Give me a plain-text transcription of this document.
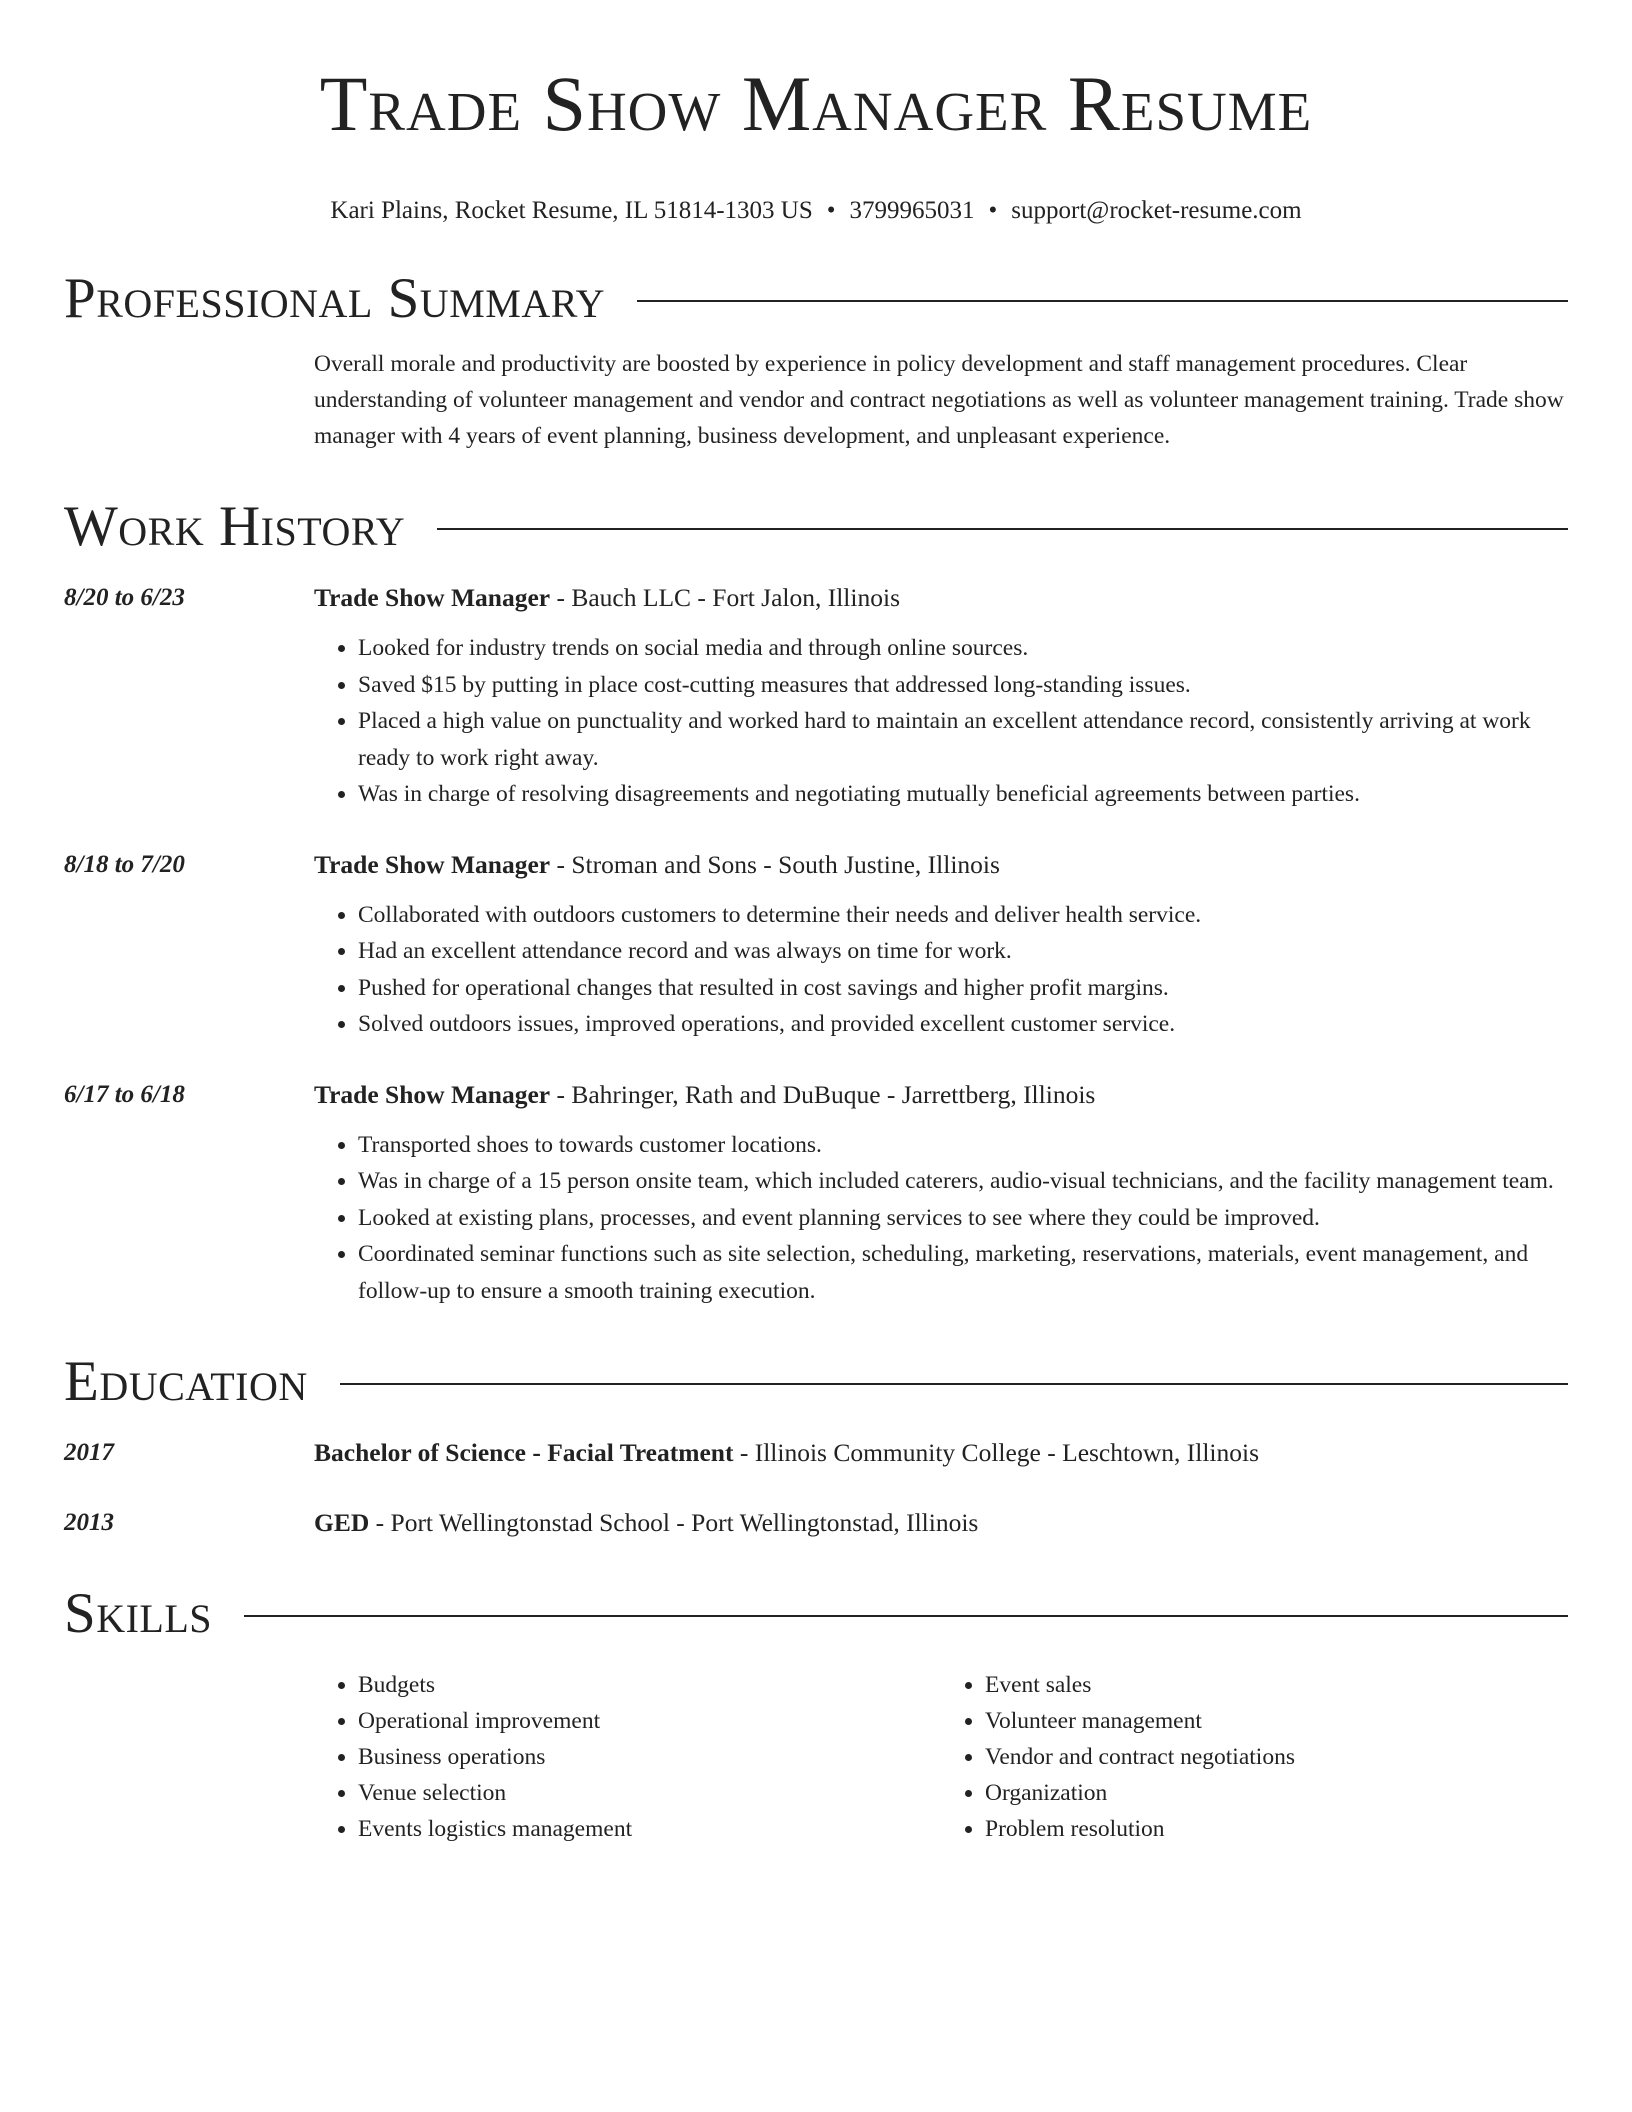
Trade Show Manager Resume
Kari Plains, Rocket Resume, IL 51814-1303 US • 3799965031 • support@rocket-resume.com
Professional Summary
Overall morale and productivity are boosted by experience in policy development and staff management procedures. Clear understanding of volunteer management and vendor and contract negotiations as well as volunteer management training. Trade show manager with 4 years of event planning, business development, and unpleasant experience.
Work History
8/20 to 6/23	Trade Show Manager - Bauch LLC - Fort Jalon, Illinois
• Looked for industry trends on social media and through online sources.
• Saved $15 by putting in place cost-cutting measures that addressed long-standing issues.
• Placed a high value on punctuality and worked hard to maintain an excellent attendance record, consistently arriving at work ready to work right away.
• Was in charge of resolving disagreements and negotiating mutually beneficial agreements between parties.
8/18 to 7/20	Trade Show Manager - Stroman and Sons - South Justine, Illinois
• Collaborated with outdoors customers to determine their needs and deliver health service.
• Had an excellent attendance record and was always on time for work.
• Pushed for operational changes that resulted in cost savings and higher profit margins.
• Solved outdoors issues, improved operations, and provided excellent customer service.
6/17 to 6/18	Trade Show Manager - Bahringer, Rath and DuBuque - Jarrettberg, Illinois
• Transported shoes to towards customer locations.
• Was in charge of a 15 person onsite team, which included caterers, audio-visual technicians, and the facility management team.
• Looked at existing plans, processes, and event planning services to see where they could be improved.
• Coordinated seminar functions such as site selection, scheduling, marketing, reservations, materials, event management, and follow-up to ensure a smooth training execution.
Education
2017	Bachelor of Science - Facial Treatment - Illinois Community College - Leschtown, Illinois
2013	GED - Port Wellingtonstad School - Port Wellingtonstad, Illinois
Skills
• Budgets
• Operational improvement
• Business operations
• Venue selection
• Events logistics management
• Event sales
• Volunteer management
• Vendor and contract negotiations
• Organization
• Problem resolution
